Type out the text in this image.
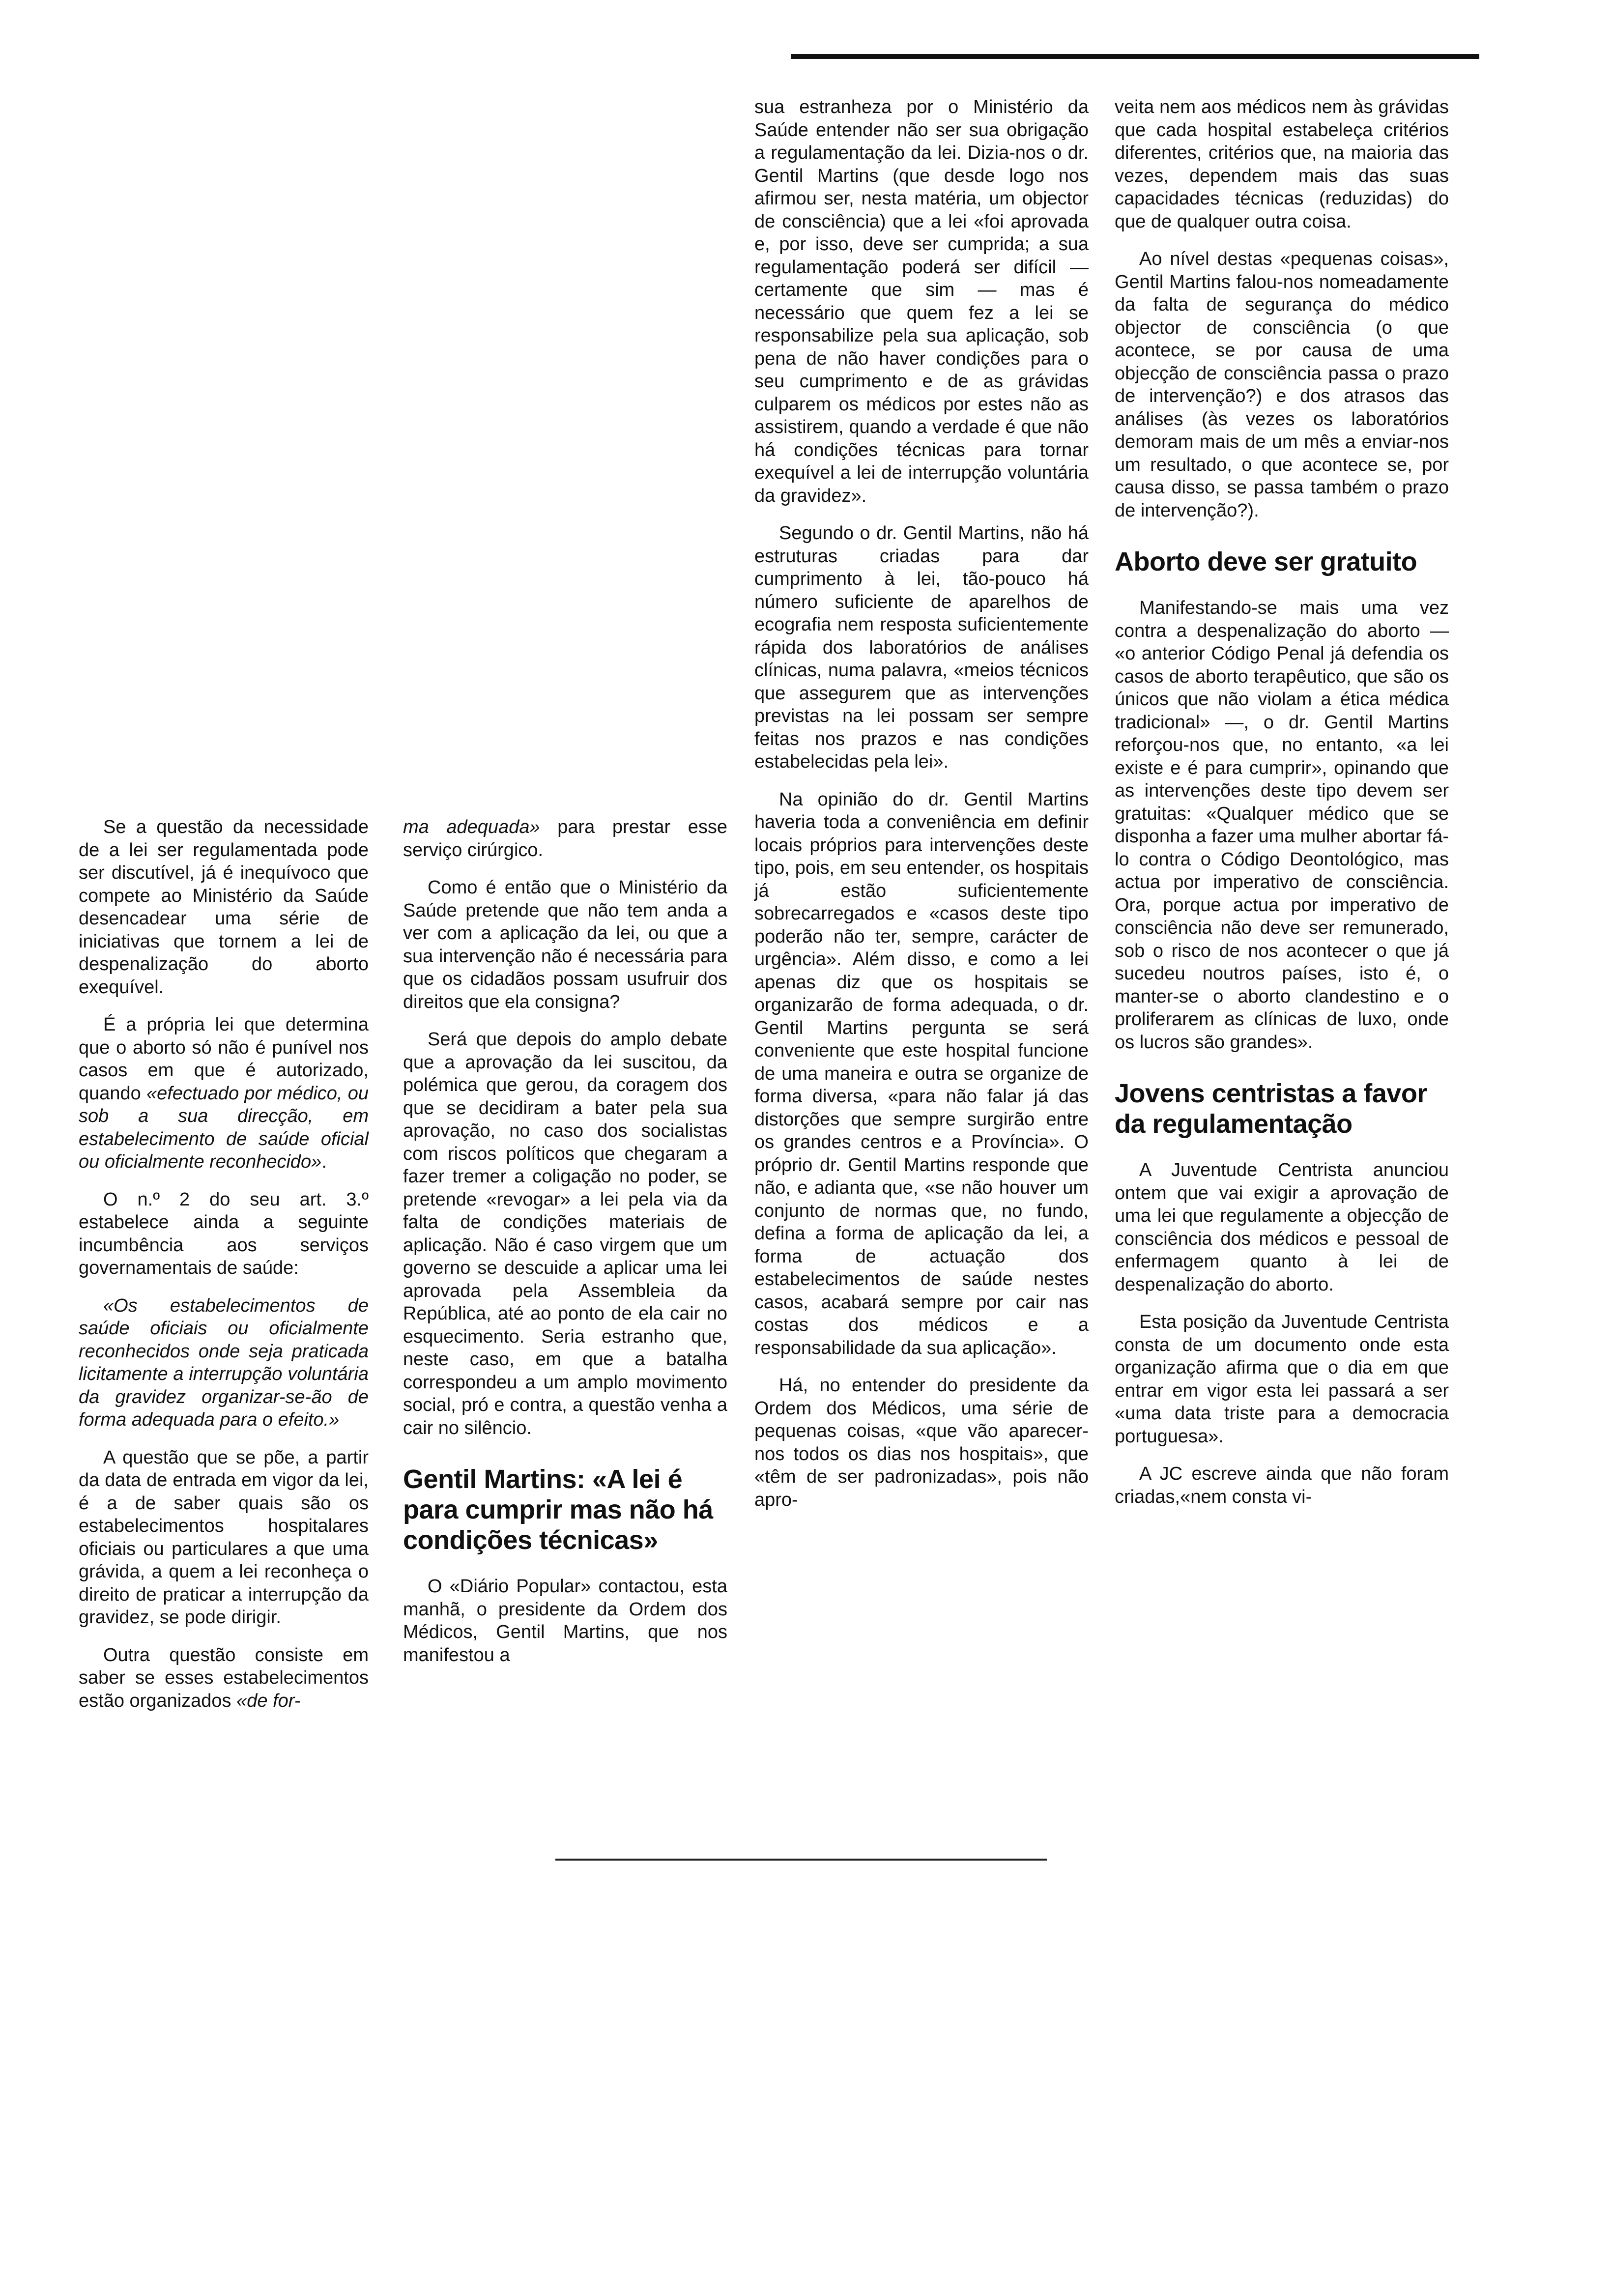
Se a questão da necessidade de a lei ser regulamentada pode ser discutível, já é inequívoco que compete ao Ministério da Saúde desencadear uma série de iniciativas que tornem a lei de despenalização do aborto exequível.

É a própria lei que determina que o aborto só não é punível nos casos em que é autorizado, quando «efectuado por médico, ou sob a sua direcção, em estabelecimento de saúde oficial ou oficialmente reconhecido».

O n.º 2 do seu art. 3.º estabelece ainda a seguinte incumbência aos serviços governamentais de saúde:

«Os estabelecimentos de saúde oficiais ou oficialmente reconhecidos onde seja praticada licitamente a interrupção voluntária da gravidez organizar-se-ão de forma adequada para o efeito.»

A questão que se põe, a partir da data de entrada em vigor da lei, é a de saber quais são os estabelecimentos hospitalares oficiais ou particulares a que uma grávida, a quem a lei reconheça o direito de praticar a interrupção da gravidez, se pode dirigir.

Outra questão consiste em saber se esses estabelecimentos estão organizados «de for-

ma adequada» para prestar esse serviço cirúrgico.

Como é então que o Ministério da Saúde pretende que não tem anda a ver com a aplicação da lei, ou que a sua intervenção não é necessária para que os cidadãos possam usufruir dos direitos que ela consigna?

Será que depois do amplo debate que a aprovação da lei suscitou, da polémica que gerou, da coragem dos que se decidiram a bater pela sua aprovação, no caso dos socialistas com riscos políticos que chegaram a fazer tremer a coligação no poder, se pretende «revogar» a lei pela via da falta de condições materiais de aplicação. Não é caso virgem que um governo se descuide a aplicar uma lei aprovada pela Assembleia da República, até ao ponto de ela cair no esquecimento. Seria estranho que, neste caso, em que a batalha correspondeu a um amplo movimento social, pró e contra, a questão venha a cair no silêncio.

Gentil Martins: «A lei é para cumprir mas não há condições técnicas»

O «Diário Popular» contactou, esta manhã, o presidente da Ordem dos Médicos, Gentil Martins, que nos manifestou a

sua estranheza por o Ministério da Saúde entender não ser sua obrigação a regulamentação da lei. Dizia-nos o dr. Gentil Martins (que desde logo nos afirmou ser, nesta matéria, um objector de consciência) que a lei «foi aprovada e, por isso, deve ser cumprida; a sua regulamentação poderá ser difícil — certamente que sim — mas é necessário que quem fez a lei se responsabilize pela sua aplicação, sob pena de não haver condições para o seu cumprimento e de as grávidas culparem os médicos por estes não as assistirem, quando a verdade é que não há condições técnicas para tornar exequível a lei de interrupção voluntária da gravidez».

Segundo o dr. Gentil Martins, não há estruturas criadas para dar cumprimento à lei, tão-pouco há número suficiente de aparelhos de ecografia nem resposta suficientemente rápida dos laboratórios de análises clínicas, numa palavra, «meios técnicos que assegurem que as intervenções previstas na lei possam ser sempre feitas nos prazos e nas condições estabelecidas pela lei».

Na opinião do dr. Gentil Martins haveria toda a conveniência em definir locais próprios para intervenções deste tipo, pois, em seu entender, os hospitais já estão suficientemente sobrecarregados e «casos deste tipo poderão não ter, sempre, carácter de urgência». Além disso, e como a lei apenas diz que os hospitais se organizarão de forma adequada, o dr. Gentil Martins pergunta se será conveniente que este hospital funcione de uma maneira e outra se organize de forma diversa, «para não falar já das distorções que sempre surgirão entre os grandes centros e a Província». O próprio dr. Gentil Martins responde que não, e adianta que, «se não houver um conjunto de normas que, no fundo, defina a forma de aplicação da lei, a forma de actuação dos estabelecimentos de saúde nestes casos, acabará sempre por cair nas costas dos médicos e a responsabilidade da sua aplicação».

Há, no entender do presidente da Ordem dos Médicos, uma série de pequenas coisas, «que vão aparecer-nos todos os dias nos hospitais», que «têm de ser padronizadas», pois não apro-

veita nem aos médicos nem às grávidas que cada hospital estabeleça critérios diferentes, critérios que, na maioria das vezes, dependem mais das suas capacidades técnicas (reduzidas) do que de qualquer outra coisa.

Ao nível destas «pequenas coisas», Gentil Martins falou-nos nomeadamente da falta de segurança do médico objector de consciência (o que acontece, se por causa de uma objecção de consciência passa o prazo de intervenção?) e dos atrasos das análises (às vezes os laboratórios demoram mais de um mês a enviar-nos um resultado, o que acontece se, por causa disso, se passa também o prazo de intervenção?).

Aborto deve ser gratuito

Manifestando-se mais uma vez contra a despenalização do aborto — «o anterior Código Penal já defendia os casos de aborto terapêutico, que são os únicos que não violam a ética médica tradicional» —, o dr. Gentil Martins reforçou-nos que, no entanto, «a lei existe e é para cumprir», opinando que as intervenções deste tipo devem ser gratuitas: «Qualquer médico que se disponha a fazer uma mulher abortar fá-lo contra o Código Deontológico, mas actua por imperativo de consciência. Ora, porque actua por imperativo de consciência não deve ser remunerado, sob o risco de nos acontecer o que já sucedeu noutros países, isto é, o manter-se o aborto clandestino e o proliferarem as clínicas de luxo, onde os lucros são grandes».

Jovens centristas a favor da regulamentação

A Juventude Centrista anunciou ontem que vai exigir a aprovação de uma lei que regulamente a objecção de consciência dos médicos e pessoal de enfermagem quanto à lei de despenalização do aborto.

Esta posição da Juventude Centrista consta de um documento onde esta organização afirma que o dia em que entrar em vigor esta lei passará a ser «uma data triste para a democracia portuguesa».

A JC escreve ainda que não foram criadas,«nem consta vi-
